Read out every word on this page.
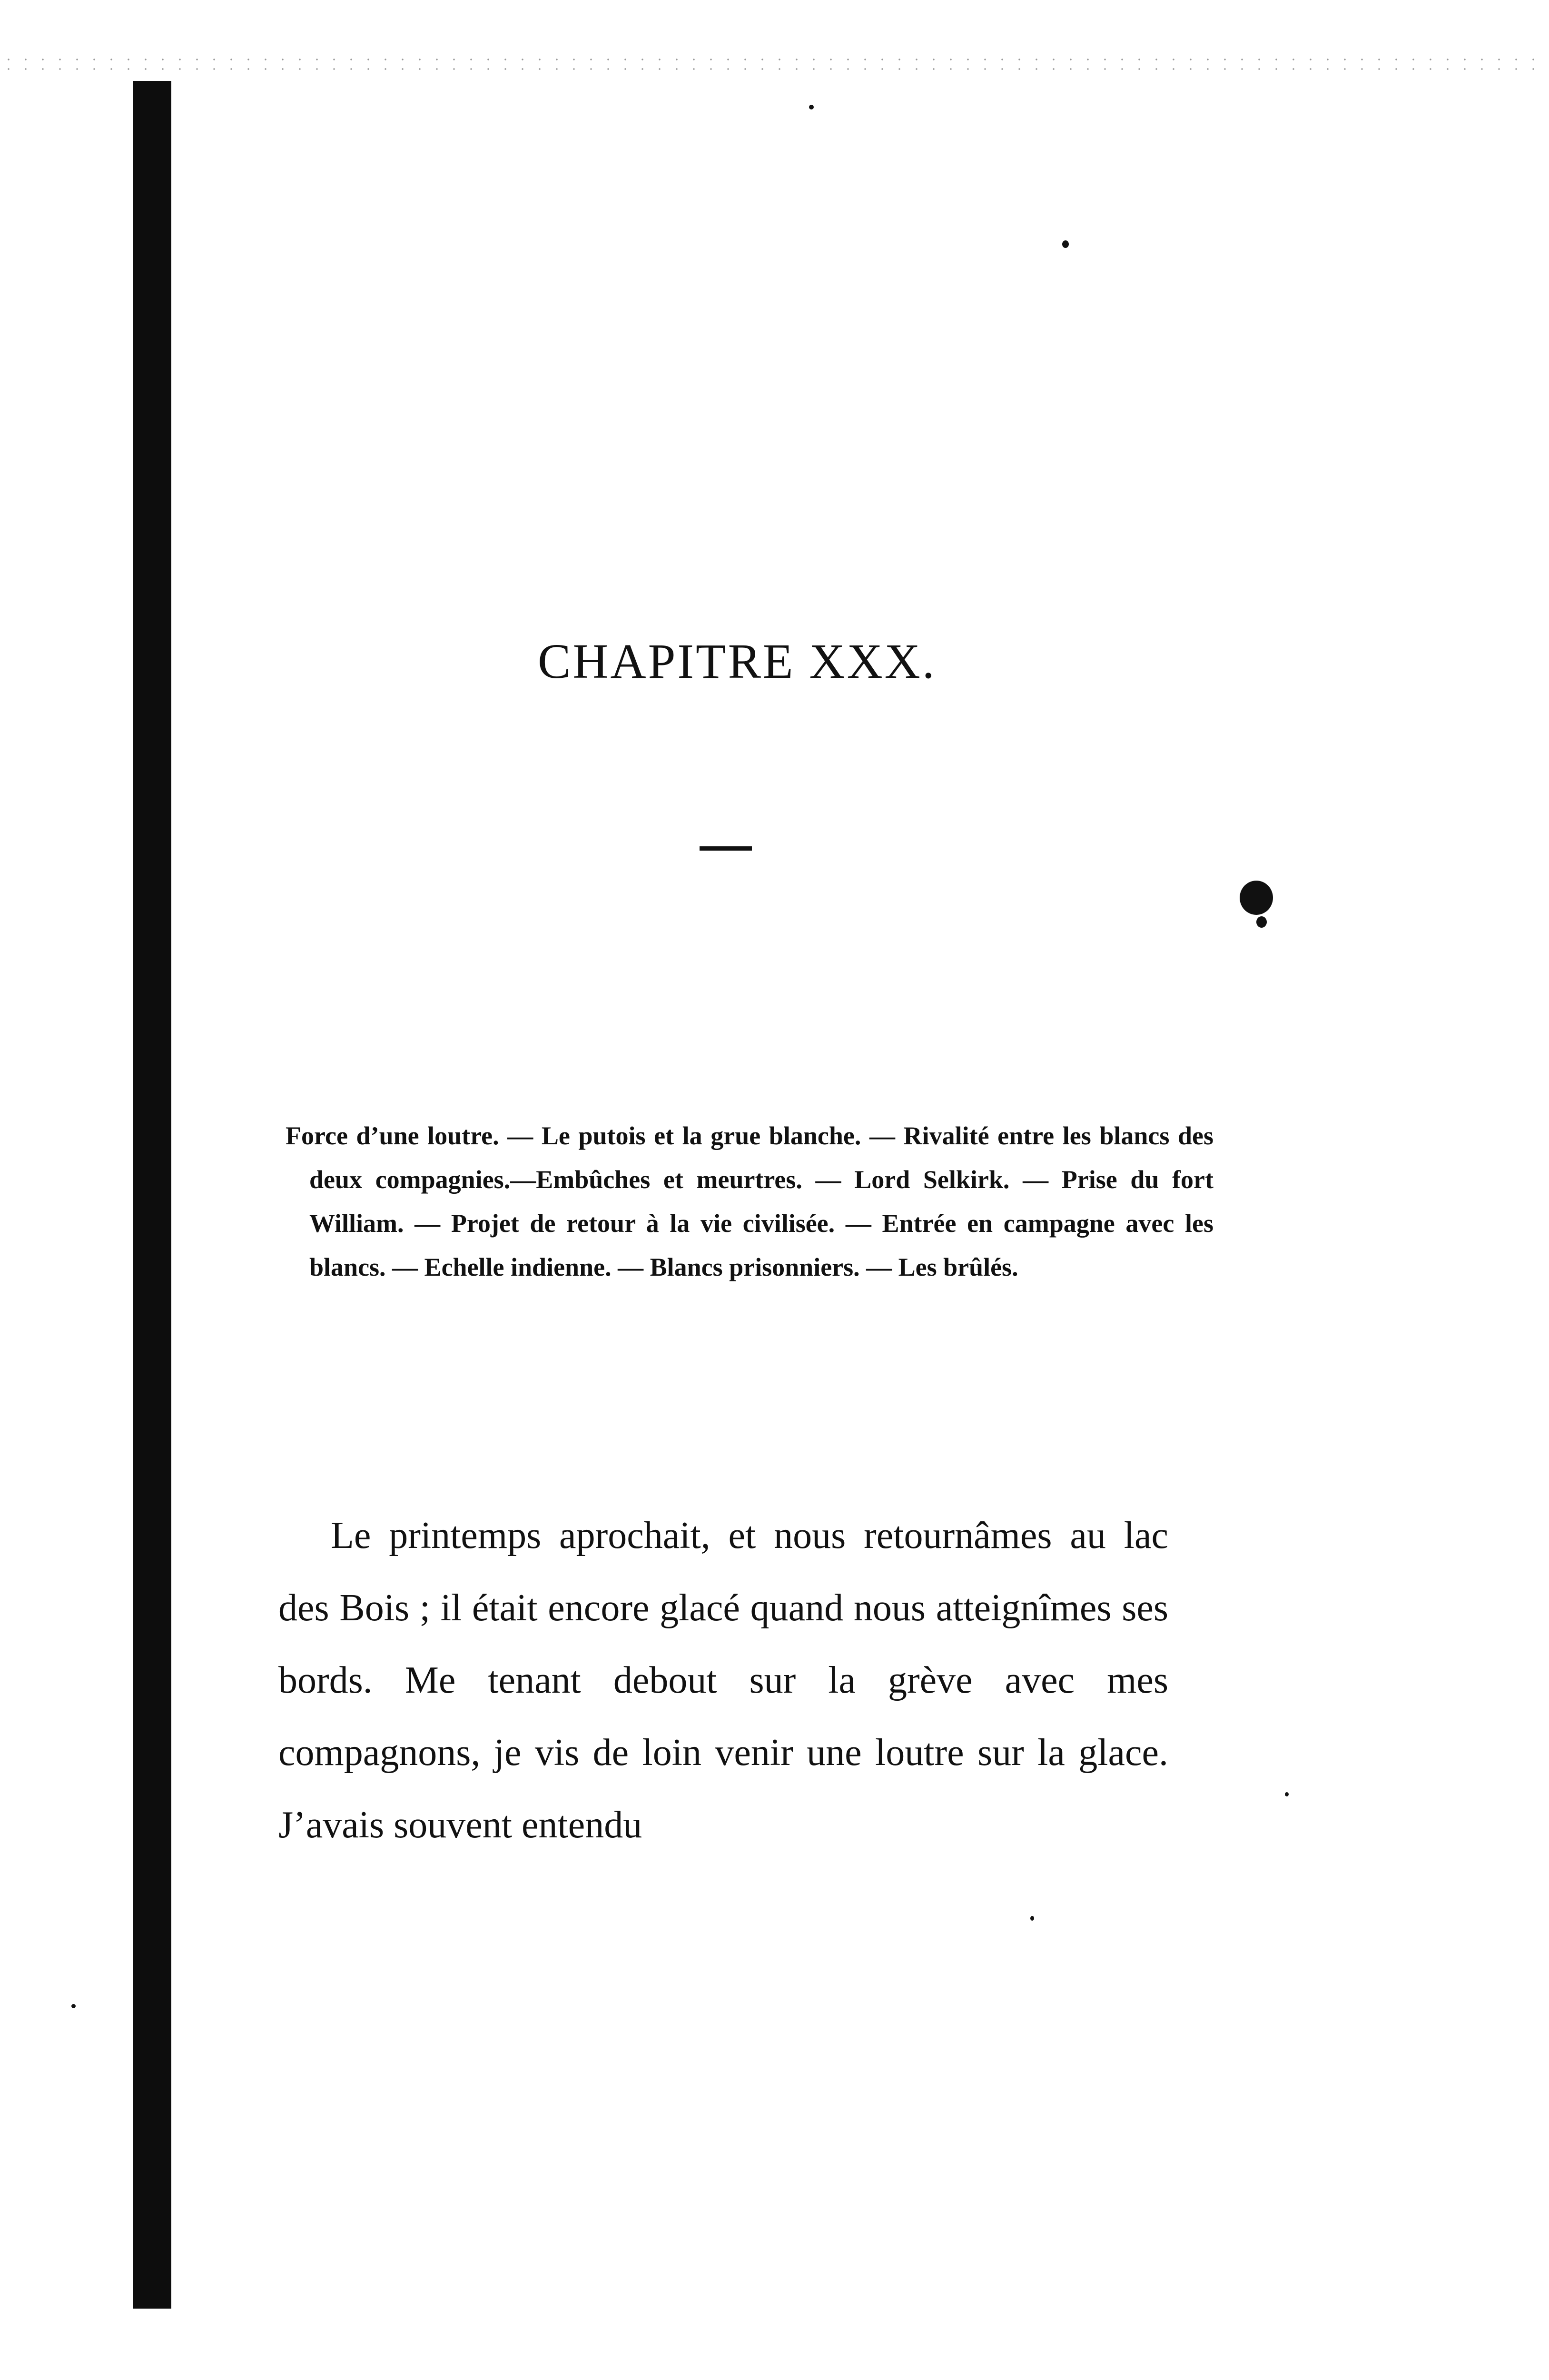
CHAPITRE XXX.
Force d’une loutre. — Le putois et la grue blanche. — Rivalité entre les blancs des deux compagnies.—Embûches et meurtres. — Lord Selkirk. — Prise du fort William. — Projet de retour à la vie civilisée. — Entrée en campagne avec les blancs. — Echelle indienne. — Blancs prisonniers. — Les brûlés.
Le printemps aprochait, et nous retournâmes au lac des Bois ; il était encore glacé quand nous atteignîmes ses bords. Me tenant debout sur la grève avec mes compagnons, je vis de loin venir une loutre sur la glace. J’avais souvent entendu
